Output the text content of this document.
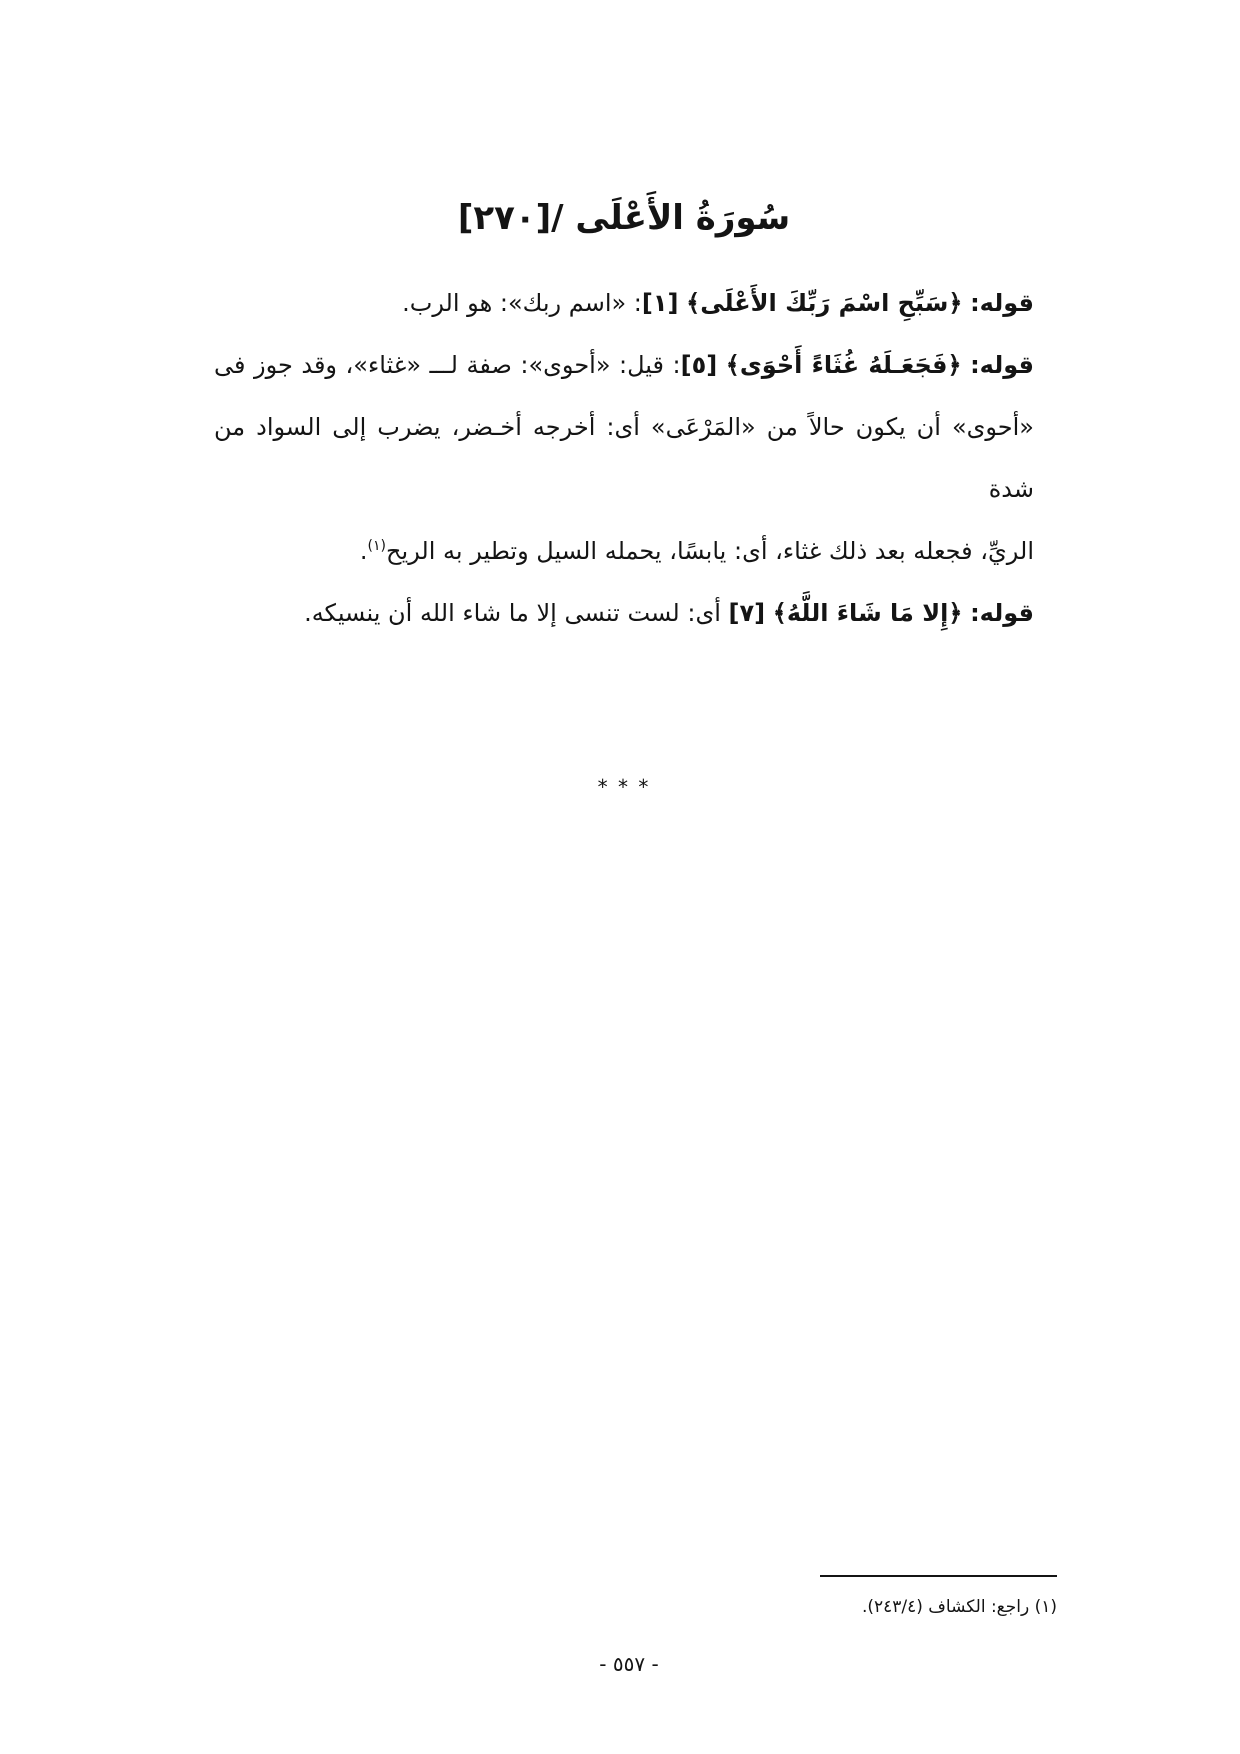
سُورَةُ الأَعْلَى /[٢٧٠]
قوله: ﴿سَبِّحِ اسْمَ رَبِّكَ الأَعْلَى﴾ [١]: «اسم ربك»: هو الرب.
قوله: ﴿فَجَعَـلَهُ غُثَاءً أَحْوَى﴾ [٥]: قيل: «أحوى»: صفة لـــ «غثاء»، وقد جوز فى
«أحوى» أن يكون حالاً من «المَرْعَى» أى: أخرجه أخـضر، يضرب إلى السواد من شدة
الريِّ، فجعله بعد ذلك غثاء، أى: يابسًا، يحمله السيل وتطير به الريح$^{(١)}$.
قوله: ﴿إِلا مَا شَاءَ اللَّهُ﴾ [٧] أى: لست تنسى إلا ما شاء الله أن ينسيكه.
* * *
(١) راجع: الكشاف (٢٤٣/٤).
- ٥٥٧ -
